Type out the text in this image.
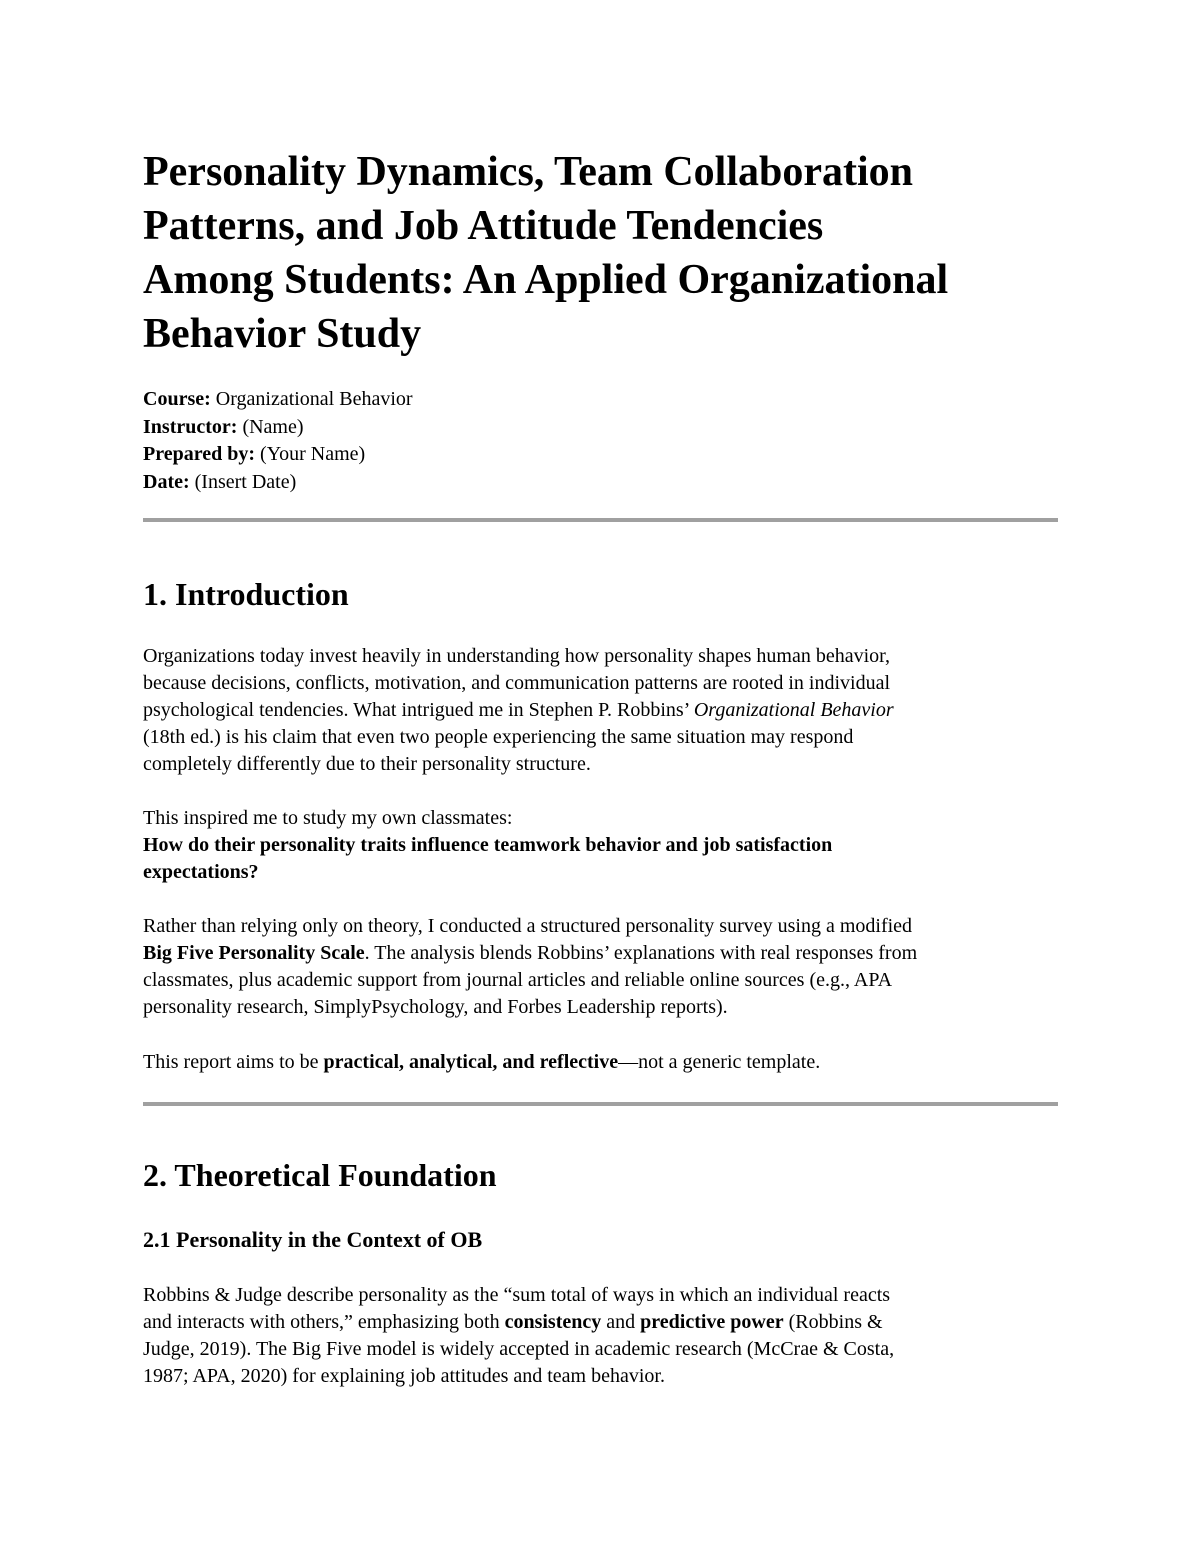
Personality Dynamics, Team Collaboration
Patterns, and Job Attitude Tendencies
Among Students: An Applied Organizational
Behavior Study
Course: Organizational Behavior
Instructor: (Name)
Prepared by: (Your Name)
Date: (Insert Date)
1. Introduction

Organizations today invest heavily in understanding how personality shapes human behavior,
because decisions, conflicts, motivation, and communication patterns are rooted in individual
psychological tendencies. What intrigued me in Stephen P. Robbins’ Organizational Behavior
(18th ed.) is his claim that even two people experiencing the same situation may respond
completely differently due to their personality structure.

This inspired me to study my own classmates:
How do their personality traits influence teamwork behavior and job satisfaction
expectations?

Rather than relying only on theory, I conducted a structured personality survey using a modified
Big Five Personality Scale. The analysis blends Robbins’ explanations with real responses from
classmates, plus academic support from journal articles and reliable online sources (e.g., APA
personality research, SimplyPsychology, and Forbes Leadership reports).

This report aims to be practical, analytical, and reflective—not a generic template.

2. Theoretical Foundation
2.1 Personality in the Context of OB

Robbins & Judge describe personality as the “sum total of ways in which an individual reacts
and interacts with others,” emphasizing both consistency and predictive power (Robbins &
Judge, 2019). The Big Five model is widely accepted in academic research (McCrae & Costa,
1987; APA, 2020) for explaining job attitudes and team behavior.
